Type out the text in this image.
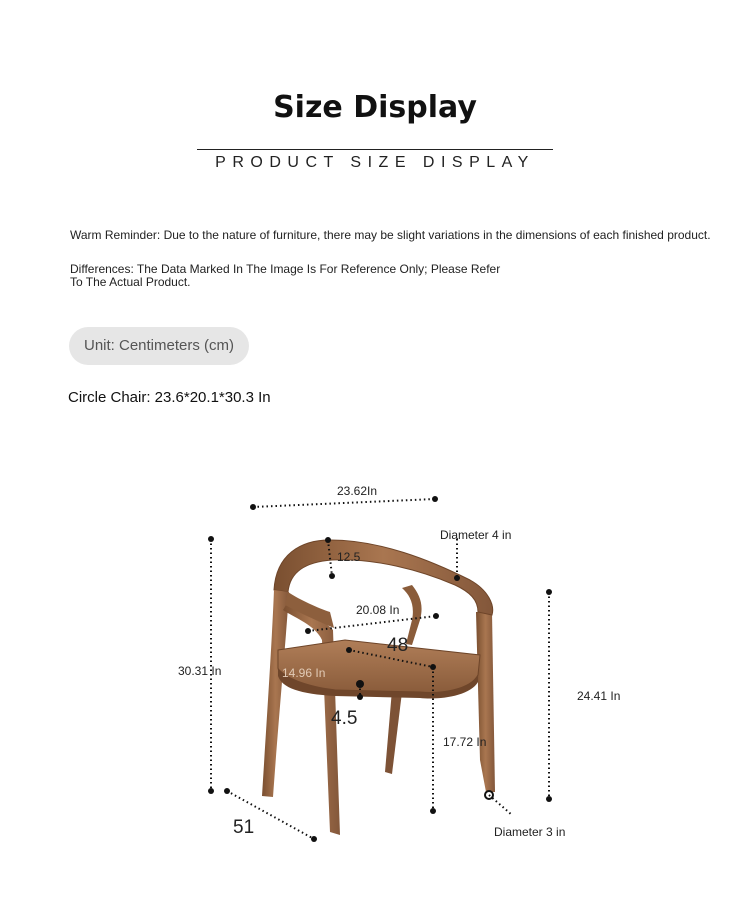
Size Display
PRODUCT SIZE DISPLAY
Warm Reminder: Due to the nature of furniture, there may be slight variations in the dimensions of each finished product.
Differences: The Data Marked In The Image Is For Reference Only; Please Refer To The Actual Product.
Unit: Centimeters (cm)
Circle Chair: 23.6*20.1*30.3 In
23.62In
Diameter 4 in
12.5
20.08 In
48
14.96 In
30.31 In
24.41 In
4.5
17.72 In
51	Diameter 3 in
